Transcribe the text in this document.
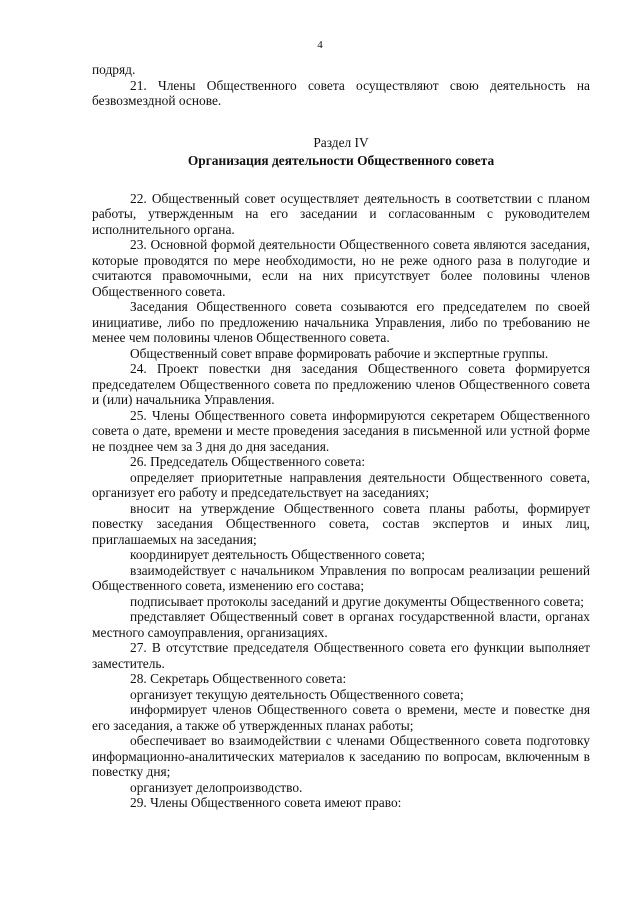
4

подряд.

21. Члены Общественного совета осуществляют свою деятельность на безвозмездной основе.

Раздел IV
Организация деятельности Общественного совета

22. Общественный совет осуществляет деятельность в соответствии с планом работы, утвержденным на его заседании и согласованным с руководителем исполнительного органа.

23. Основной формой деятельности Общественного совета являются заседания, которые проводятся по мере необходимости, но не реже одного раза в полугодие и считаются правомочными, если на них присутствует более половины членов Общественного совета.

Заседания Общественного совета созываются его председателем по своей инициативе, либо по предложению начальника Управления, либо по требованию не менее чем половины членов Общественного совета.

Общественный совет вправе формировать рабочие и экспертные группы.

24. Проект повестки дня заседания Общественного совета формируется председателем Общественного совета по предложению членов Общественного совета и (или) начальника Управления.

25. Члены Общественного совета информируются секретарем Общественного совета о дате, времени и месте проведения заседания в письменной или устной форме не позднее чем за 3 дня до дня заседания.

26. Председатель Общественного совета:

определяет приоритетные направления деятельности Общественного совета, организует его работу и председательствует на заседаниях;

вносит на утверждение Общественного совета планы работы, формирует повестку заседания Общественного совета, состав экспертов и иных лиц, приглашаемых на заседания;

координирует деятельность Общественного совета;

взаимодействует с начальником Управления по вопросам реализации решений Общественного совета, изменению его состава;

подписывает протоколы заседаний и другие документы Общественного совета;

представляет Общественный совет в органах государственной власти, органах местного самоуправления, организациях.

27. В отсутствие председателя Общественного совета его функции выполняет заместитель.

28. Секретарь Общественного совета:

организует текущую деятельность Общественного совета;

информирует членов Общественного совета о времени, месте и повестке дня его заседания, а также об утвержденных планах работы;

обеспечивает во взаимодействии с членами Общественного совета подготовку информационно-аналитических материалов к заседанию по вопросам, включенным в повестку дня;

организует делопроизводство.

29. Члены Общественного совета имеют право:
